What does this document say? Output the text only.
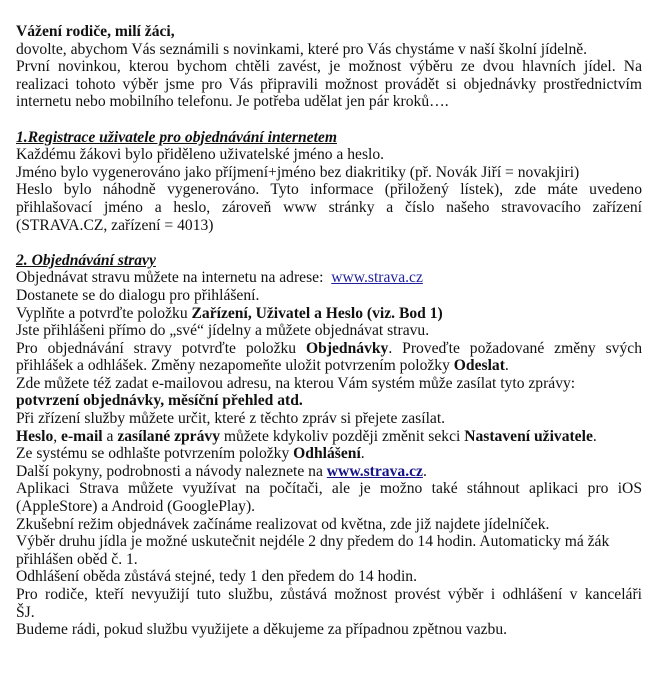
Vážení rodiče, milí žáci,
dovolte, abychom Vás seznámili s novinkami, které pro Vás chystáme v naší školní jídelně.
První novinkou, kterou bychom chtěli zavést, je možnost výběru ze dvou hlavních jídel. Na
realizaci tohoto výběr jsme pro Vás připravili možnost provádět si objednávky prostřednictvím
internetu nebo mobilního telefonu. Je potřeba udělat jen pár kroků….
1.Registrace uživatele pro objednávání internetem
Každému žákovi bylo přiděleno uživatelské jméno a heslo.
Jméno bylo vygenerováno jako příjmení+jméno bez diakritiky (př. Novák Jiří = novakjiri)
Heslo bylo náhodně vygenerováno. Tyto informace (přiložený lístek), zde máte uvedeno
přihlašovací jméno a heslo, zároveň www stránky a číslo našeho stravovacího zařízení
(STRAVA.CZ, zařízení = 4013)
2. Objednávání stravy
Objednávat stravu můžete na internetu na adrese:  www.strava.cz
Dostanete se do dialogu pro přihlášení.
Vyplňte a potvrďte položku Zařízení, Uživatel a Heslo (viz. Bod 1)
Jste přihlášeni přímo do „své“ jídelny a můžete objednávat stravu.
Pro objednávání stravy potvrďte položku Objednávky. Proveďte požadované změny svých
přihlášek a odhlášek. Změny nezapomeňte uložit potvrzením položky Odeslat.
Zde můžete též zadat e-mailovou adresu, na kterou Vám systém může zasílat tyto zprávy:
potvrzení objednávky, měsíční přehled atd.
Při zřízení služby můžete určit, které z těchto zpráv si přejete zasílat.
Heslo, e-mail a zasílané zprávy můžete kdykoliv později změnit sekci Nastavení uživatele.
Ze systému se odhlašte potvrzením položky Odhlášení.
Další pokyny, podrobnosti a návody naleznete na www.strava.cz.
Aplikaci Strava můžete využívat na počítači, ale je možno také stáhnout aplikaci pro iOS
(AppleStore) a Android (GooglePlay).
Zkušební režim objednávek začínáme realizovat od května, zde již najdete jídelníček.
Výběr druhu jídla je možné uskutečnit nejdéle 2 dny předem do 14 hodin. Automaticky má žák
přihlášen oběd č. 1.
Odhlášení oběda zůstává stejné, tedy 1 den předem do 14 hodin.
Pro rodiče, kteří nevyužijí tuto službu, zůstává možnost provést výběr i odhlášení v kanceláři
ŠJ.
Budeme rádi, pokud službu využijete a děkujeme za případnou zpětnou vazbu.
